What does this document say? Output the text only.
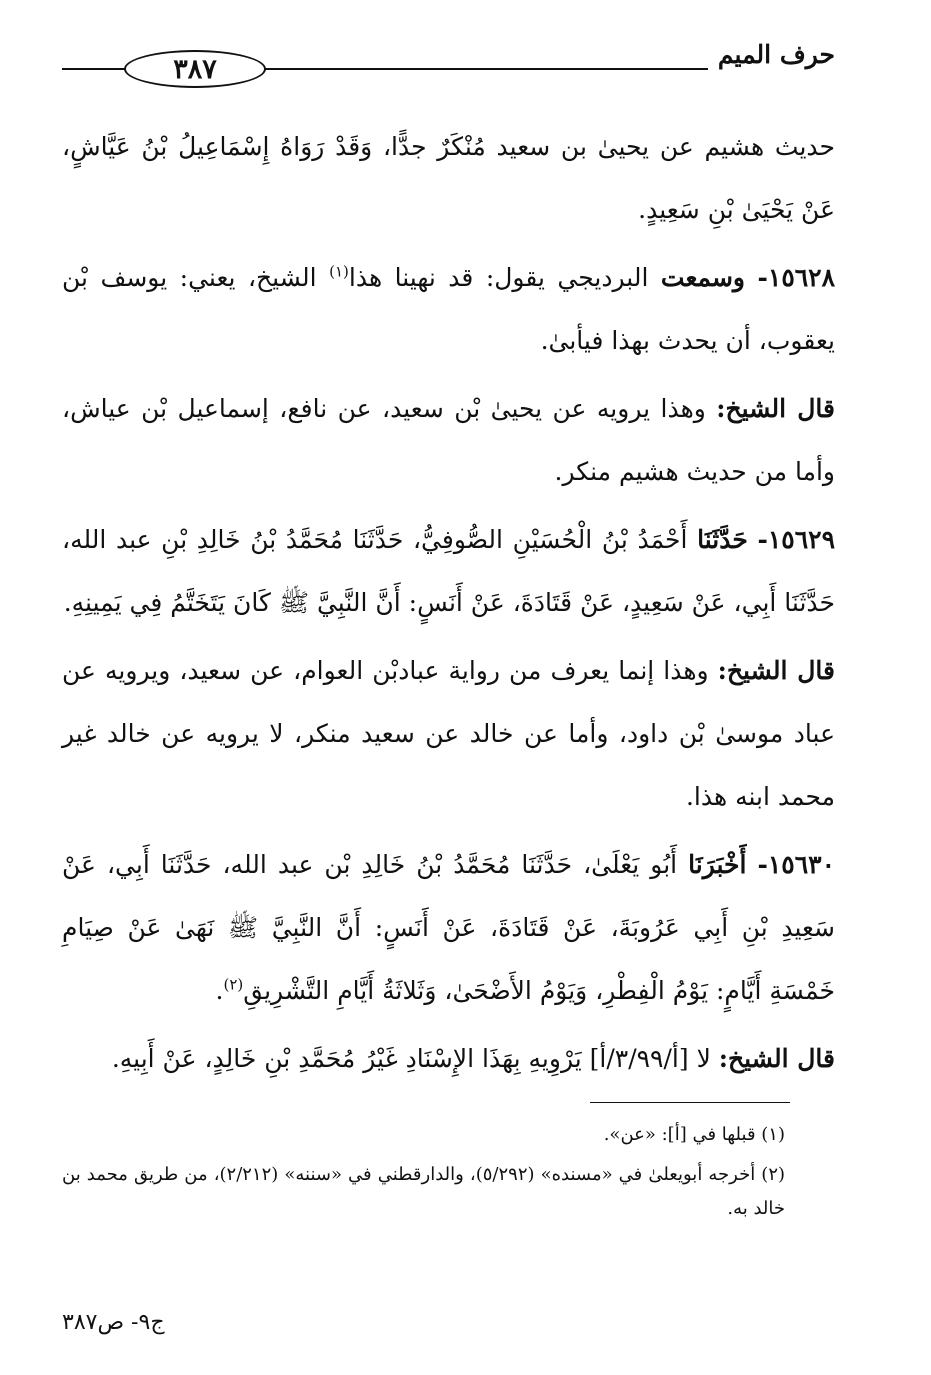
حرف الميم
٣٨٧

حديث هشيم عن يحيىٰ بن سعيد مُنْكَرٌ جدًّا، وَقَدْ رَوَاهُ إِسْمَاعِيلُ بْنُ عَيَّاشٍ، عَنْ يَحْيَىٰ بْنِ سَعِيدٍ.

١٥٦٢٨- وسمعت البرديجي يقول: قد نهينا هذا$^{(١)}$ الشيخ، يعني: يوسف بْن يعقوب، أن يحدث بهذا فيأبىٰ.

قال الشيخ: وهذا يرويه عن يحيىٰ بْن سعيد، عن نافع، إسماعيل بْن عياش، وأما من حديث هشيم منكر.

١٥٦٢٩- حَدَّثَنَا أَحْمَدُ بْنُ الْحُسَيْنِ الصُّوفِيُّ، حَدَّثَنَا مُحَمَّدُ بْنُ خَالِدِ بْنِ عبد الله، حَدَّثَنَا أَبِي، عَنْ سَعِيدٍ، عَنْ قَتَادَةَ، عَنْ أَنَسٍ: أَنَّ النَّبِيَّ ﷺ كَانَ يَتَخَتَّمُ فِي يَمِينِهِ.

قال الشيخ: وهذا إنما يعرف من رواية عبادبْن العوام، عن سعيد، ويرويه عن عباد موسىٰ بْن داود، وأما عن خالد عن سعيد منكر، لا يرويه عن خالد غير محمد ابنه هذا.

١٥٦٣٠- أَخْبَرَنَا أَبُو يَعْلَىٰ، حَدَّثَنَا مُحَمَّدُ بْنُ خَالِدِ بْن عبد الله، حَدَّثَنَا أَبِي، عَنْ سَعِيدِ بْنِ أَبِي عَرُوبَةَ، عَنْ قَتَادَةَ، عَنْ أَنَسٍ: أَنَّ النَّبِيَّ ﷺ نَهَىٰ عَنْ صِيَامِ خَمْسَةِ أَيَّامٍ: يَوْمُ الْفِطْرِ، وَيَوْمُ الأَضْحَىٰ، وَثَلاثَةُ أَيَّامِ التَّشْرِيقِ$^{(٢)}$.

قال الشيخ: لا [أ/٣/٩٩/أ] يَرْوِيهِ بِهَذَا الإِسْنَادِ غَيْرُ مُحَمَّدِ بْنِ خَالِدٍ، عَنْ أَبِيهِ.

(١) قبلها في [أ]: «عن».

(٢) أخرجه أبويعلىٰ في «مسنده» (٥/٢٩٢)، والدارقطني في «سننه» (٢/٢١٢)، من طريق محمد بن خالد به.

ج٩- ص٣٨٧
